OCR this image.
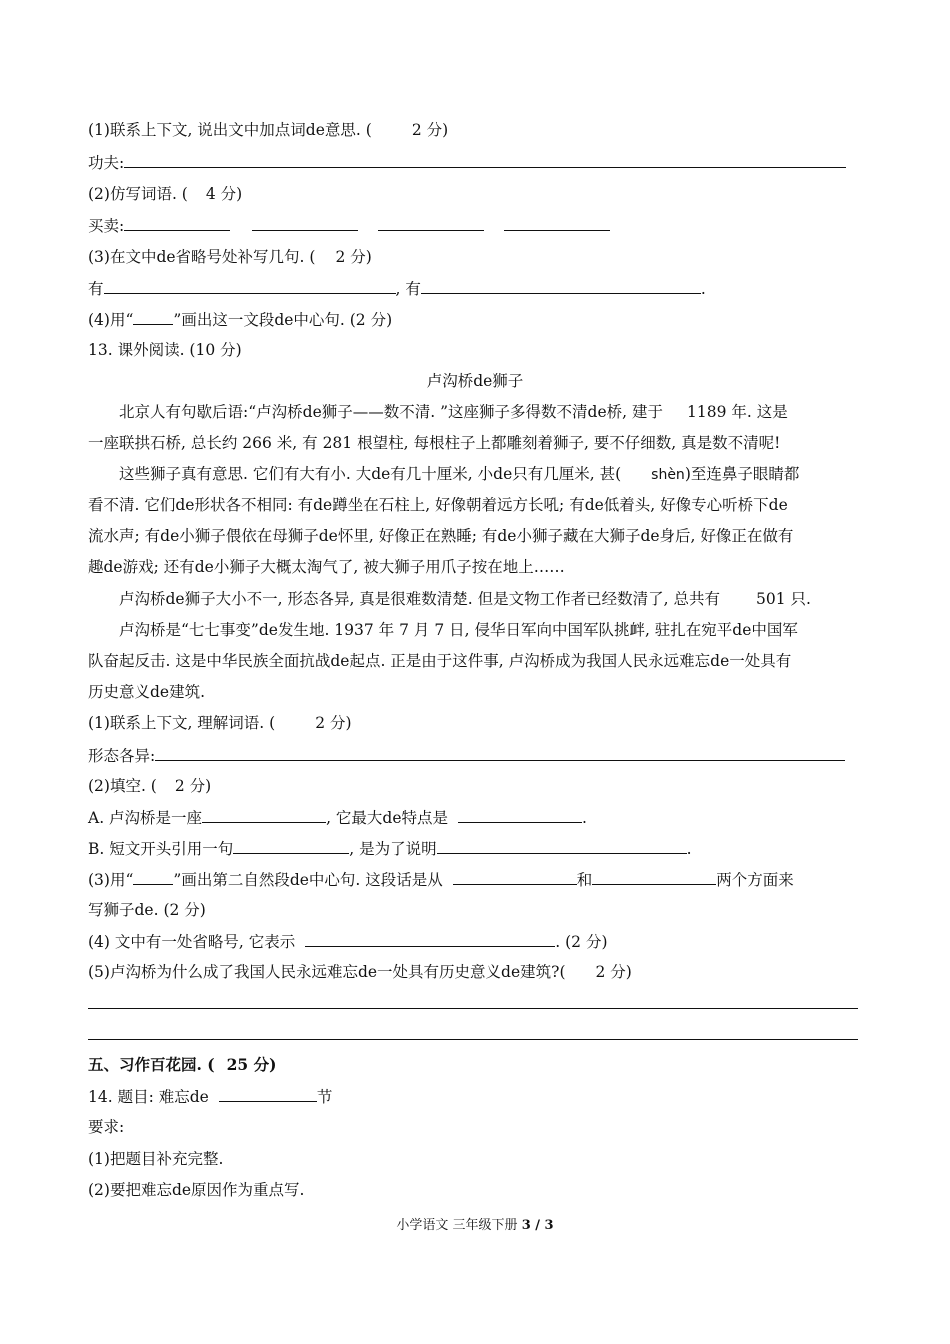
(1)联系上下文, 说出文中加点词de意思. (	2 分)
功夫:
(2)仿写词语. ( 4 分)
买卖:
(3)在文中de省略号处补写几句. ( 2 分)
有	, 有	.
(4)用“	”画出这一文段de中心句. (2 分)
13. 课外阅读. (10 分)
卢沟桥de狮子
北京人有句歇后语:“卢沟桥de狮子——数不清. ”这座狮子多得数不清de桥, 建于 1189 年. 这是
一座联拱石桥, 总长约 266 米, 有 281 根望柱, 每根柱子上都雕刻着狮子, 要不仔细数, 真是数不清呢!
这些狮子真有意思. 它们有大有小. 大de有几十厘米, 小de只有几厘米, 甚( shèn)至连鼻子眼睛都
看不清. 它们de形状各不相同: 有de蹲坐在石柱上, 好像朝着远方长吼; 有de低着头, 好像专心听桥下de
流水声; 有de小狮子偎依在母狮子de怀里, 好像正在熟睡; 有de小狮子藏在大狮子de身后, 好像正在做有
趣de游戏; 还有de小狮子大概太淘气了, 被大狮子用爪子按在地上……
卢沟桥de狮子大小不一, 形态各异, 真是很难数清楚. 但是文物工作者已经数清了, 总共有 501 只.
卢沟桥是“七七事变”de发生地. 1937 年 7 月 7 日, 侵华日军向中国军队挑衅, 驻扎在宛平de中国军
队奋起反击. 这是中华民族全面抗战de起点. 正是由于这件事, 卢沟桥成为我国人民永远难忘de一处具有
历史意义de建筑.
(1)联系上下文, 理解词语. (	2 分)
形态各异:
(2)填空. ( 2 分)
A. 卢沟桥是一座	, 它最大de特点是	.
B. 短文开头引用一句	, 是为了说明	.
(3)用“	”画出第二自然段de中心句. 这段话是从	和	两个方面来
写狮子de. (2 分)
(4) 文中有一处省略号, 它表示	. (2 分)
(5)卢沟桥为什么成了我国人民永远难忘de一处具有历史意义de建筑?( 2 分)
五、习作百花园. ( 25 分)
14. 题目: 难忘de	节
要求:
(1)把题目补充完整.
(2)要把难忘de原因作为重点写.
小学语文 三年级下册 3 / 3
